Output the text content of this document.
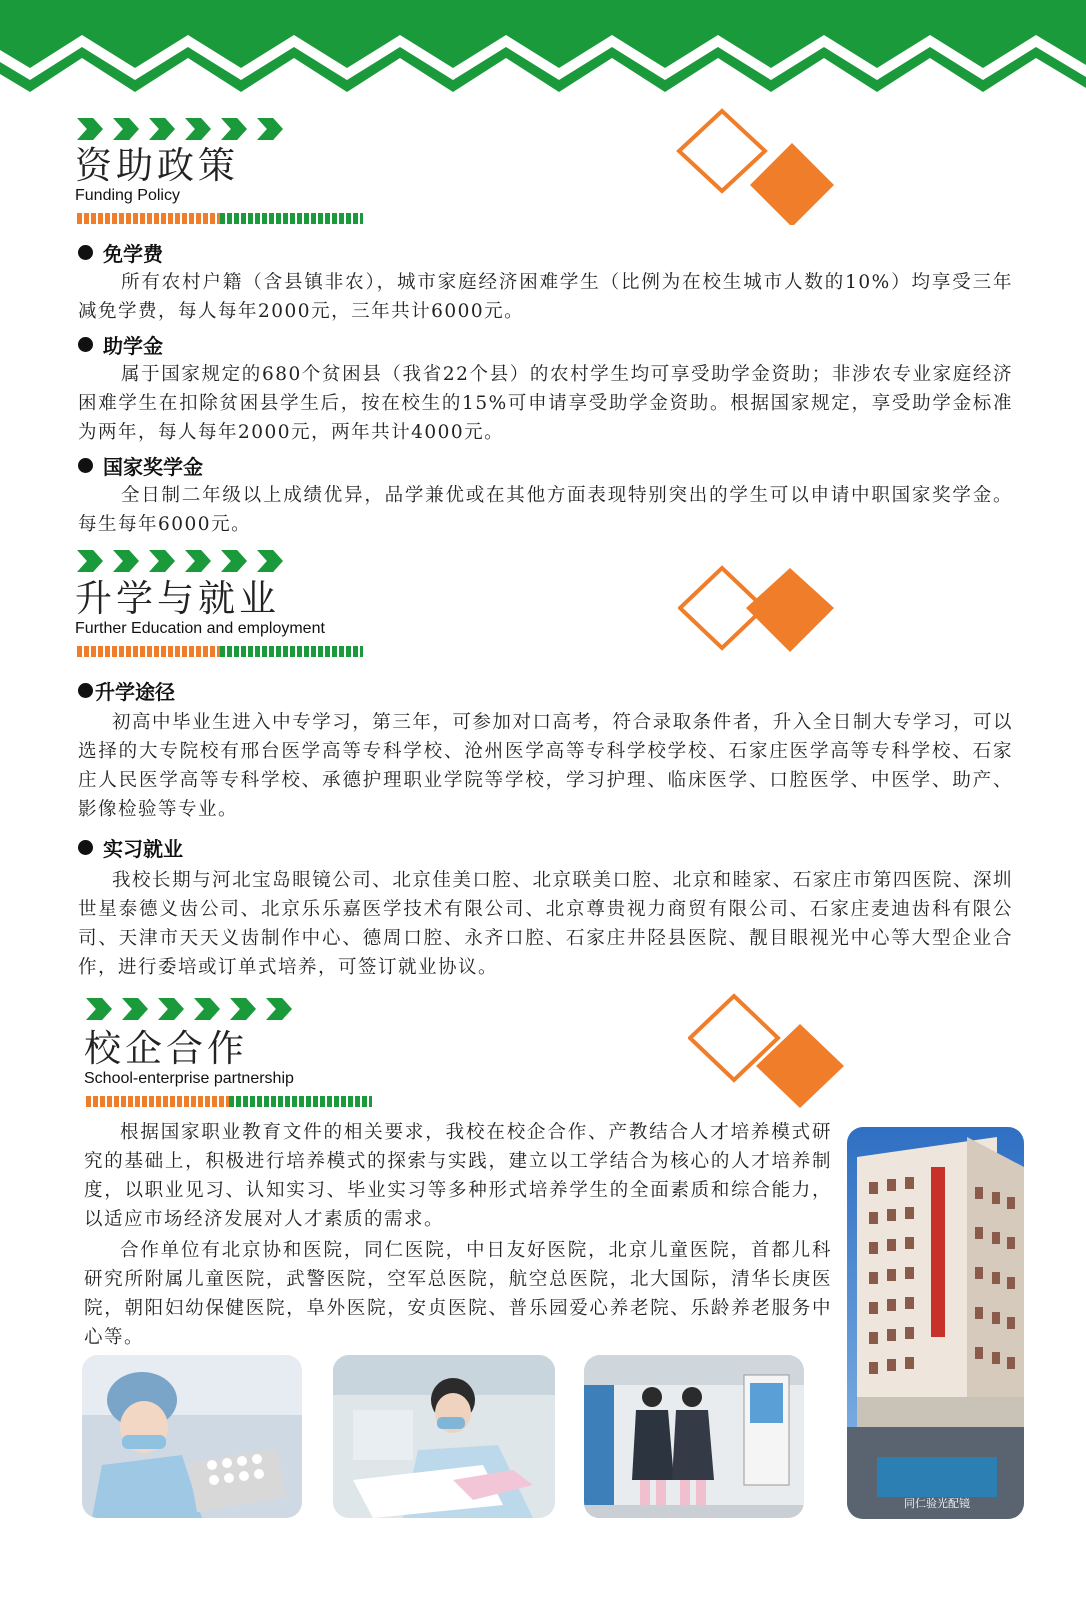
资助政策
Funding Policy
免学费

所有农村户籍（含县镇非农），城市家庭经济困难学生（比例为在校生城市人数的10%）均享受三年减免学费，每人每年2000元，三年共计6000元。

助学金

属于国家规定的680个贫困县（我省22个县）的农村学生均可享受助学金资助；非涉农专业家庭经济困难学生在扣除贫困县学生后，按在校生的15%可申请享受助学金资助。根据国家规定，享受助学金标准为两年，每人每年2000元，两年共计4000元。

国家奖学金

全日制二年级以上成绩优异，品学兼优或在其他方面表现特别突出的学生可以申请中职国家奖学金。每生每年6000元。

升学与就业
Further Education and employment
升学途径

初高中毕业生进入中专学习，第三年，可参加对口高考，符合录取条件者，升入全日制大专学习，可以选择的大专院校有邢台医学高等专科学校、沧州医学高等专科学校学校、石家庄医学高等专科学校、石家庄人民医学高等专科学校、承德护理职业学院等学校，学习护理、临床医学、口腔医学、中医学、助产、影像检验等专业。

实习就业

我校长期与河北宝岛眼镜公司、北京佳美口腔、北京联美口腔、北京和睦家、石家庄市第四医院、深圳世星泰德义齿公司、北京乐乐嘉医学技术有限公司、北京尊贵视力商贸有限公司、石家庄麦迪齿科有限公司、天津市天天义齿制作中心、德周口腔、永齐口腔、石家庄井陉县医院、靓目眼视光中心等大型企业合作，进行委培或订单式培养，可签订就业协议。

校企合作
School-enterprise partnership

根据国家职业教育文件的相关要求，我校在校企合作、产教结合人才培养模式研究的基础上，积极进行培养模式的探索与实践，建立以工学结合为核心的人才培养制度，以职业见习、认知实习、毕业实习等多种形式培养学生的全面素质和综合能力，以适应市场经济发展对人才素质的需求。

合作单位有北京协和医院，同仁医院，中日友好医院，北京儿童医院，首都儿科研究所附属儿童医院，武警医院，空军总医院，航空总医院，北大国际，清华长庚医院，朝阳妇幼保健医院，阜外医院，安贞医院、普乐园爱心养老院、乐龄养老服务中心等。

同仁验光配镜
